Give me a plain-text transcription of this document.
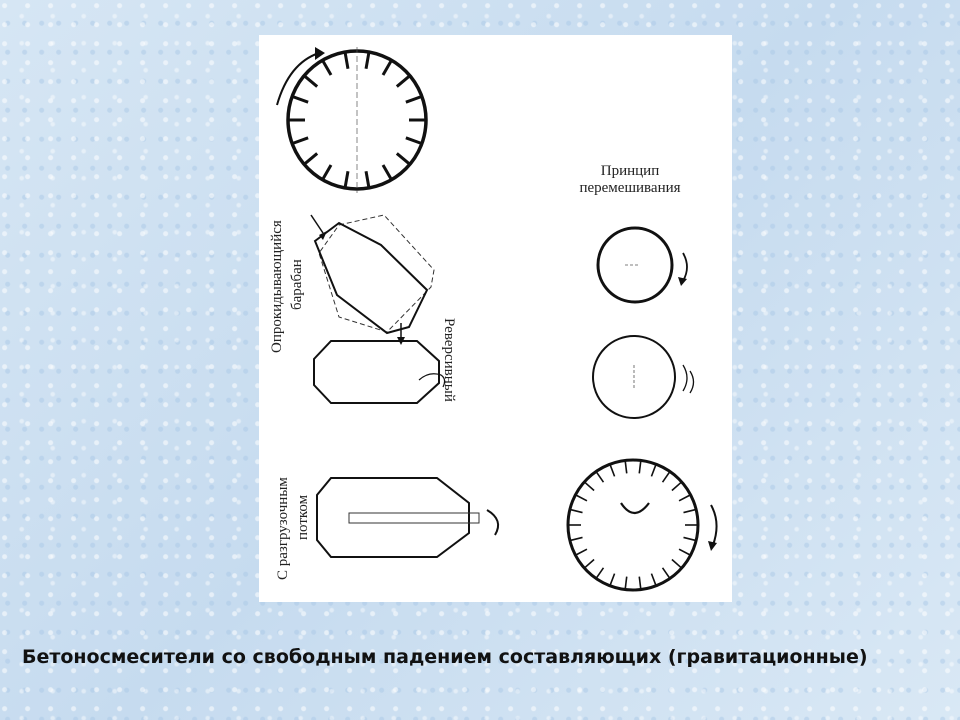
Принцип
перемешивания
Опрокидывающийся барабан
Реверсивный
С разгрузочным потком
Бетоносмесители со свободным падением составляющих (гравитационные)
